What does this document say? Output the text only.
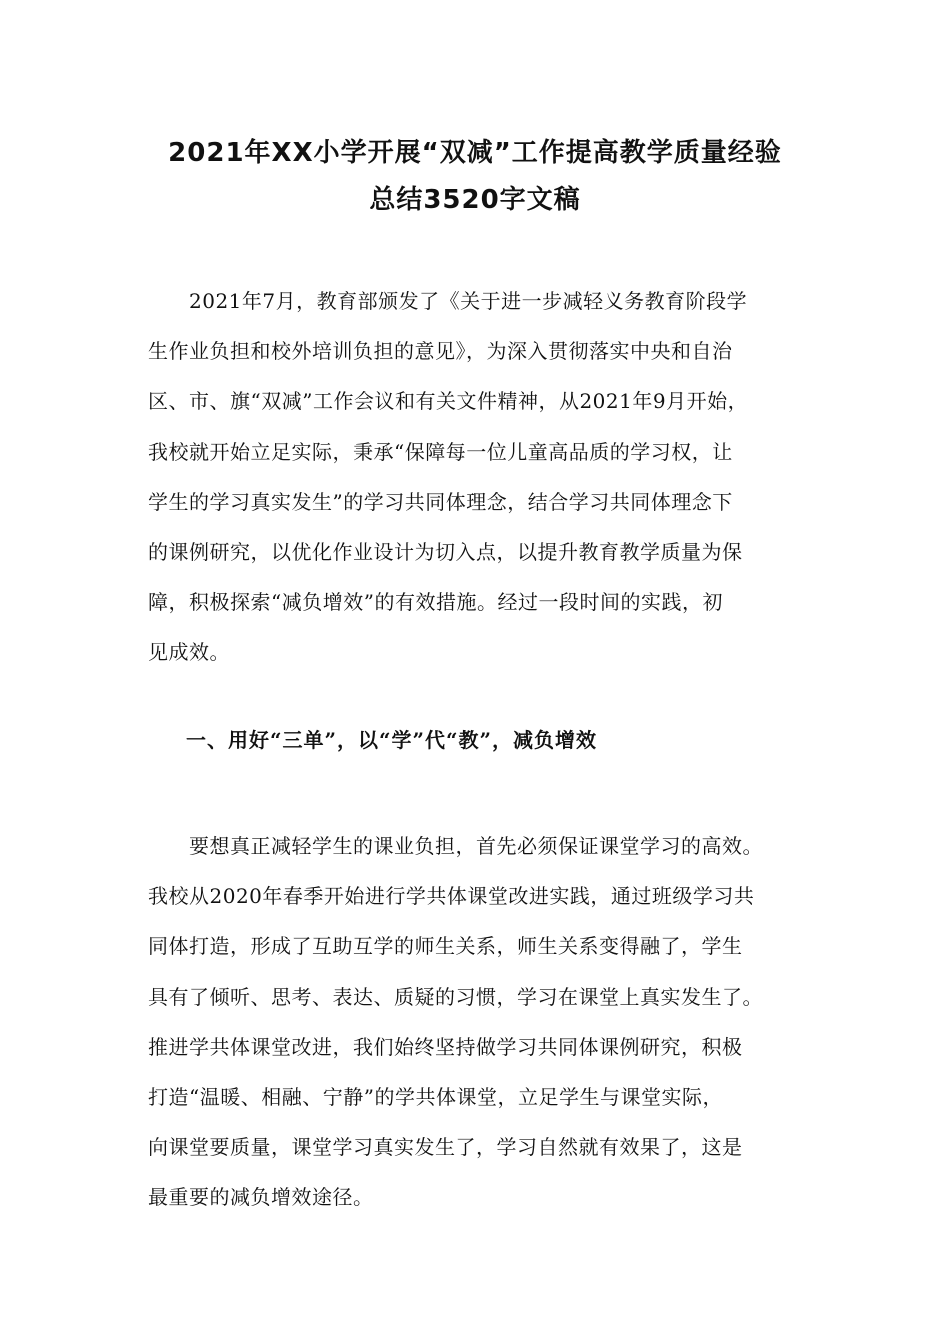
2021年XX小学开展“双减”工作提高教学质量经验
总结3520字文稿
　　2021年7月，教育部颁发了《关于进一步减轻义务教育阶段学
生作业负担和校外培训负担的意见》，为深入贯彻落实中央和自治
区、市、旗“双减”工作会议和有关文件精神，从2021年9月开始，
我校就开始立足实际，秉承“保障每一位儿童高品质的学习权，让
学生的学习真实发生”的学习共同体理念，结合学习共同体理念下
的课例研究，以优化作业设计为切入点，以提升教育教学质量为保
障，积极探索“减负增效”的有效措施。经过一段时间的实践，初
见成效。
一、用好“三单”，以“学”代“教”，减负增效
　　要想真正减轻学生的课业负担，首先必须保证课堂学习的高效。
我校从2020年春季开始进行学共体课堂改进实践，通过班级学习共
同体打造，形成了互助互学的师生关系，师生关系变得融了，学生
具有了倾听、思考、表达、质疑的习惯，学习在课堂上真实发生了。
推进学共体课堂改进，我们始终坚持做学习共同体课例研究，积极
打造“温暖、相融、宁静”的学共体课堂，立足学生与课堂实际，
向课堂要质量，课堂学习真实发生了，学习自然就有效果了，这是
最重要的减负增效途径。
